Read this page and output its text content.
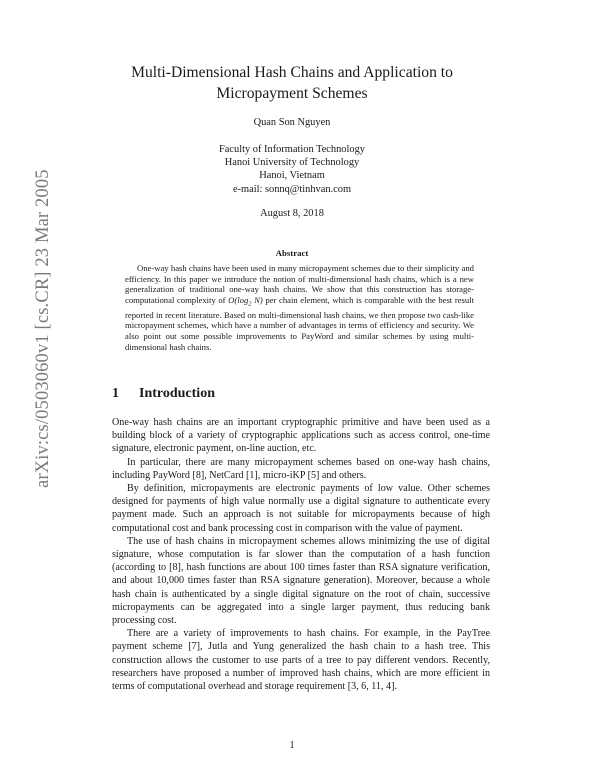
arXiv:cs/0503060v1 [cs.CR] 23 Mar 2005
Multi-Dimensional Hash Chains and Application to
Micropayment Schemes
Quan Son Nguyen
Faculty of Information Technology
Hanoi University of Technology
Hanoi, Vietnam
e-mail: sonnq@tinhvan.com
August 8, 2018
Abstract
One-way hash chains have been used in many micropayment schemes due to their simplicity and efficiency. In this paper we introduce the notion of multi-dimensional hash chains, which is a new generalization of traditional one-way hash chains. We show that this construction has storage-computational complexity of $O(\log_2$ N) per chain element, which is comparable with the best result reported in recent literature. Based on multi-dimensional hash chains, we then propose two cash-like micropayment schemes, which have a number of advantages in terms of efficiency and security. We also point out some possible improvements to PayWord and similar schemes by using multi-dimensional hash chains.
1 Introduction

One-way hash chains are an important cryptographic primitive and have been used as a building block of a variety of cryptographic applications such as access control, one-time signature, electronic payment, on-line auction, etc.

In particular, there are many micropayment schemes based on one-way hash chains, including PayWord [8], NetCard [1], micro-iKP [5] and others.

By definition, micropayments are electronic payments of low value. Other schemes designed for payments of high value normally use a digital signature to authenticate every payment made. Such an approach is not suitable for micropayments because of high computational cost and bank processing cost in comparison with the value of payment.

The use of hash chains in micropayment schemes allows minimizing the use of digital signature, whose computation is far slower than the computation of a hash function (according to [8], hash functions are about 100 times faster than RSA signature verification, and about 10,000 times faster than RSA signature generation). Moreover, because a whole hash chain is authenticated by a single digital signature on the root of chain, successive micropayments can be aggregated into a single larger payment, thus reducing bank processing cost.

There are a variety of improvements to hash chains. For example, in the PayTree payment scheme [7], Jutla and Yung generalized the hash chain to a hash tree. This construction allows the customer to use parts of a tree to pay different vendors. Recently, researchers have proposed a number of improved hash chains, which are more efficient in terms of computational overhead and storage requirement [3, 6, 11, 4].

1
